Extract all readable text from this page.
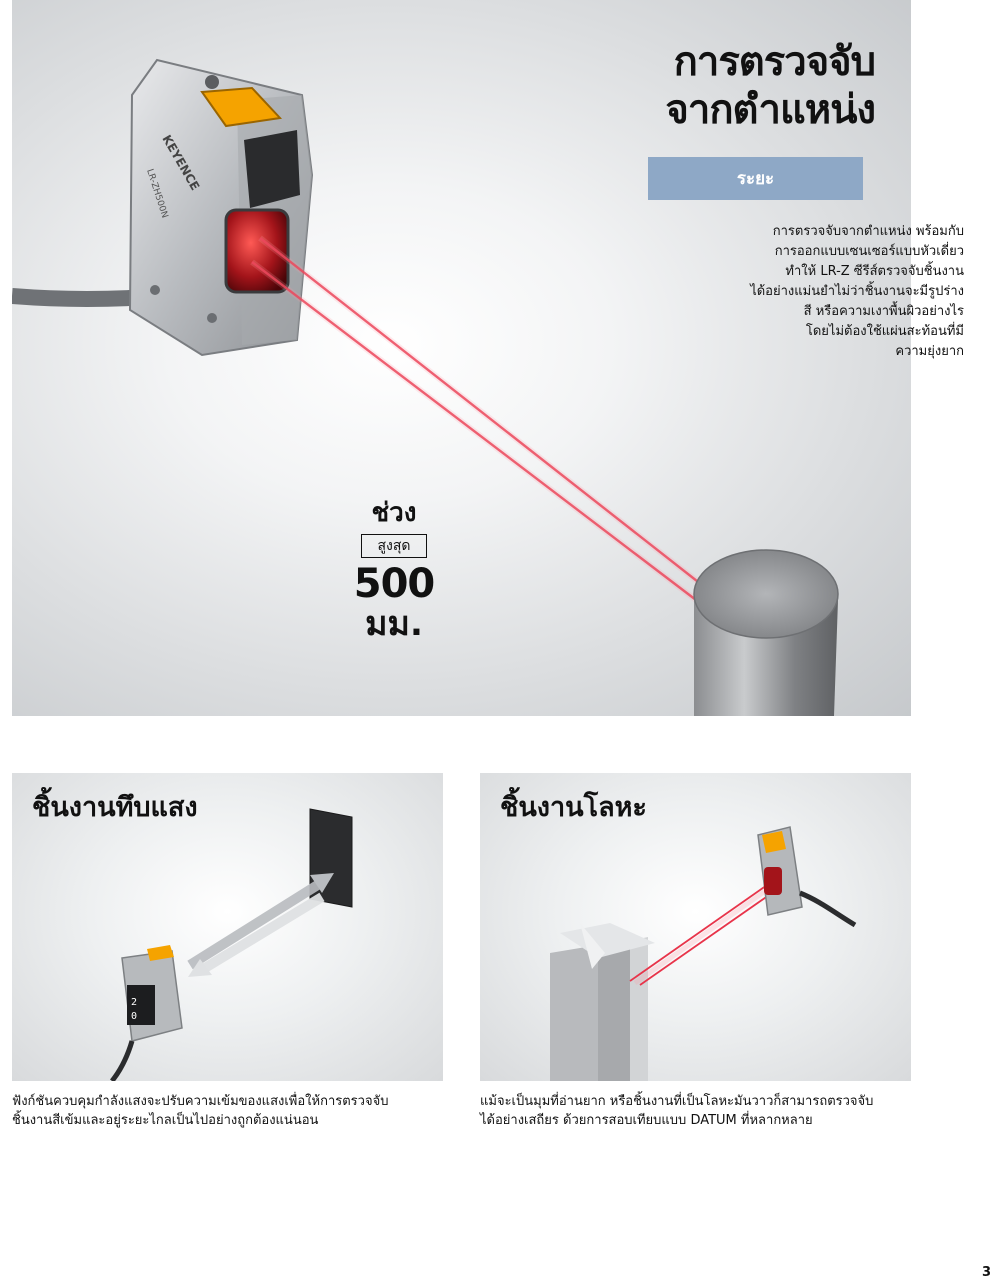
KEYENCE
LR-ZH500N
การตรวจจับ
จากตำแหน่ง
ระยะ
การตรวจจับจากตำแหน่ง พร้อมกับ
การออกแบบเซนเซอร์แบบหัวเดี่ยว
ทำให้ LR-Z ซีรีส์ตรวจจับชิ้นงาน
ได้อย่างแม่นยำไม่ว่าชิ้นงานจะมีรูปร่าง
สี หรือความเงาพื้นผิวอย่างไร
โดยไม่ต้องใช้แผ่นสะท้อนที่มี
ความยุ่งยาก
ช่วง
สูงสุด
500
มม.
2
0
ชิ้นงานทึบแสง	ชิ้นงานโลหะ
ฟังก์ชันควบคุมกำลังแสงจะปรับความเข้มของแสงเพื่อให้การตรวจจับ
ชิ้นงานสีเข้มและอยู่ระยะไกลเป็นไปอย่างถูกต้องแน่นอน
แม้จะเป็นมุมที่อ่านยาก หรือชิ้นงานที่เป็นโลหะมันวาวก็สามารถตรวจจับ
ได้อย่างเสถียร ด้วยการสอบเทียบแบบ DATUM ที่หลากหลาย
3
